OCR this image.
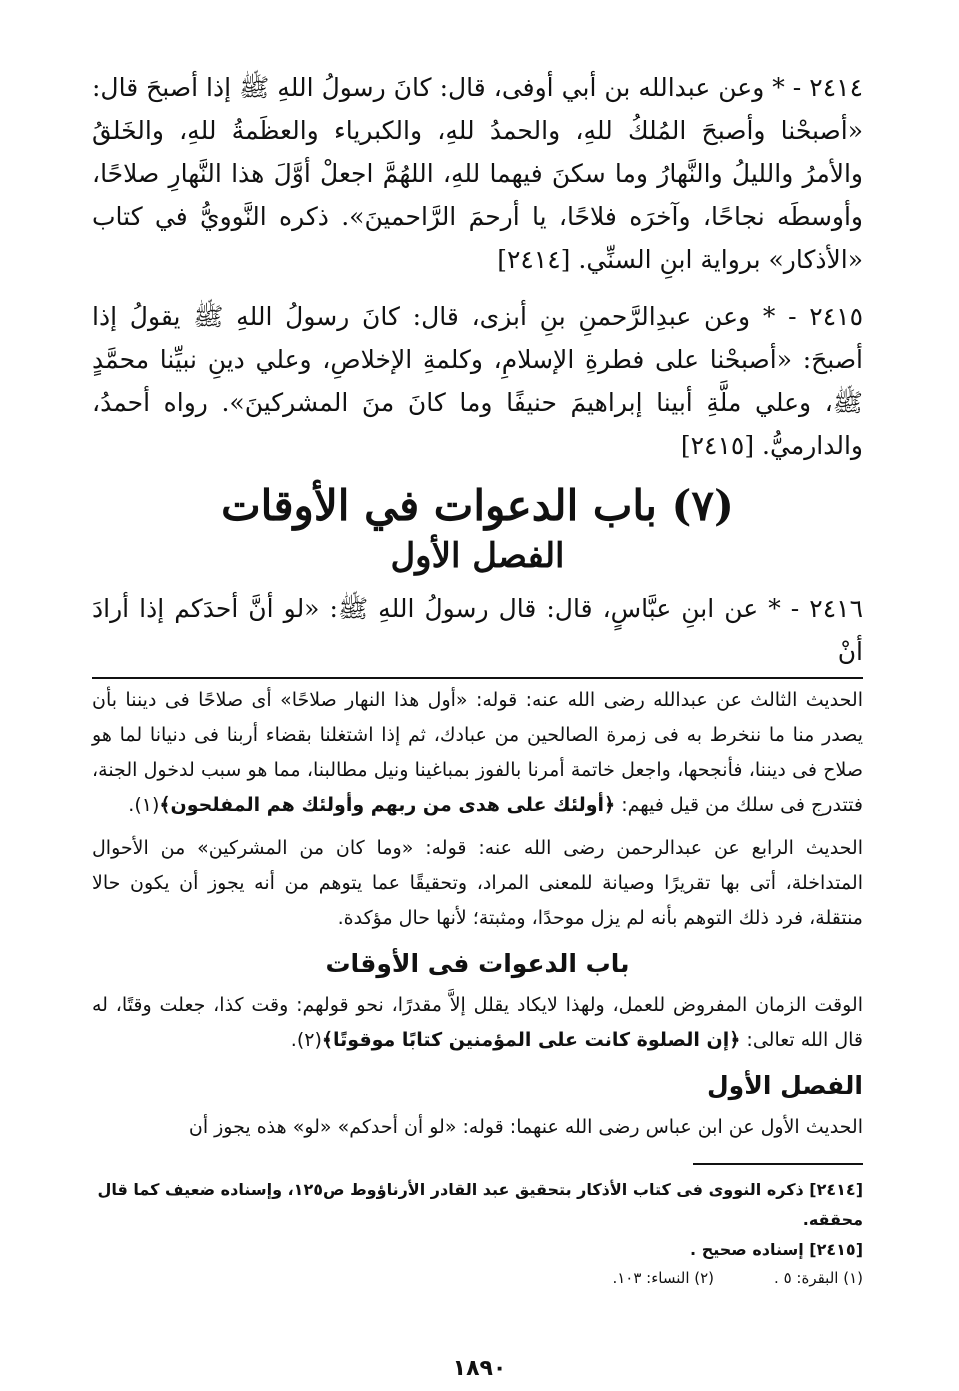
٢٤١٤ - * وعن عبدالله بن أبي أوفى، قال: كانَ رسولُ اللهِ ﷺ إذا أصبحَ قال: «أصبحْنا وأصبحَ المُلكُ للهِ، والحمدُ للهِ، والكبرياء والعظَمةُ للهِ، والخَلقُ والأمرُ والليلُ والنَّهارُ وما سكنَ فيهما للهِ، اللهُمَّ اجعلْ أوَّلَ هذا النَّهارِ صلاحًا، وأوسطَه نجاحًا، وآخرَه فلاحًا، يا أرحمَ الرَّاحمينَ». ذكره النَّوويُّ في كتاب «الأذكار» برواية ابنِ السنِّي. [٢٤١٤]

٢٤١٥ - * وعن عبدِالرَّحمنِ بنِ أبزى، قال: كانَ رسولُ اللهِ ﷺ يقولُ إذا أصبحَ: «أصبحْنا على فطرةِ الإسلامِ، وكلمةِ الإخلاصِ، وعلي دينِ نبيِّنا محمَّدٍ ﷺ، وعلي ملَّةِ أبينا إبراهيمَ حنيفًا وما كانَ منَ المشركينَ». رواه أحمدُ، والدارميُّ. [٢٤١٥]

(٧) باب الدعوات في الأوقات
الفصل الأول

٢٤١٦ - * عن ابنِ عبَّاسٍ، قال: قال رسولُ اللهِ ﷺ: «لو أنَّ أحدَكم إذا أرادَ أنْ

الحديث الثالث عن عبدالله رضى الله عنه: قوله: «أول هذا النهار صلاحًا» أى صلاحًا فى ديننا بأن يصدر منا ما ننخرط به فى زمرة الصالحين من عبادك، ثم إذا اشتغلنا بقضاء أربنا فى دنيانا لما هو صلاح فى ديننا، فأنجحها، واجعل خاتمة أمرنا بالفوز بمباغينا ونيل مطالبنا، مما هو سبب لدخول الجنة، فتتدرج فى سلك من قيل فيهم: ﴿أولئك على هدى من ربهم وأولئك هم المفلحون﴾(١).

الحديث الرابع عن عبدالرحمن رضى الله عنه: قوله: «وما كان من المشركين» من الأحوال المتداخلة، أتى بها تقريرًا وصيانة للمعنى المراد، وتحقيقًا عما يتوهم من أنه يجوز أن يكون حالا منتقلة، فرد ذلك التوهم بأنه لم يزل موحدًا، ومثبتة؛ لأنها حال مؤكدة.

باب الدعوات فى الأوقات

الوقت الزمان المفروض للعمل، ولهذا لايكاد يقلل إلاَّ مقدرًا، نحو قولهم: وقت كذا، جعلت وقتًا، له قال الله تعالى: ﴿إن الصلوة كانت على المؤمنين كتابًا موقوتًا﴾(٢).

الفصل الأول

الحديث الأول عن ابن عباس رضى الله عنهما: قوله: «لو أن أحدكم» «لو» هذه يجوز أن

[٢٤١٤] ذكره النووى فى كتاب الأذكار بتحقيق عبد القادر الأرناؤوط ص١٢٥، وإسناده ضعيف كما قال محققه.

[٢٤١٥] إسناده صحيح .

(١) البقرة: ٥ .
(٢) النساء: ١٠٣.
١٨٩٠
